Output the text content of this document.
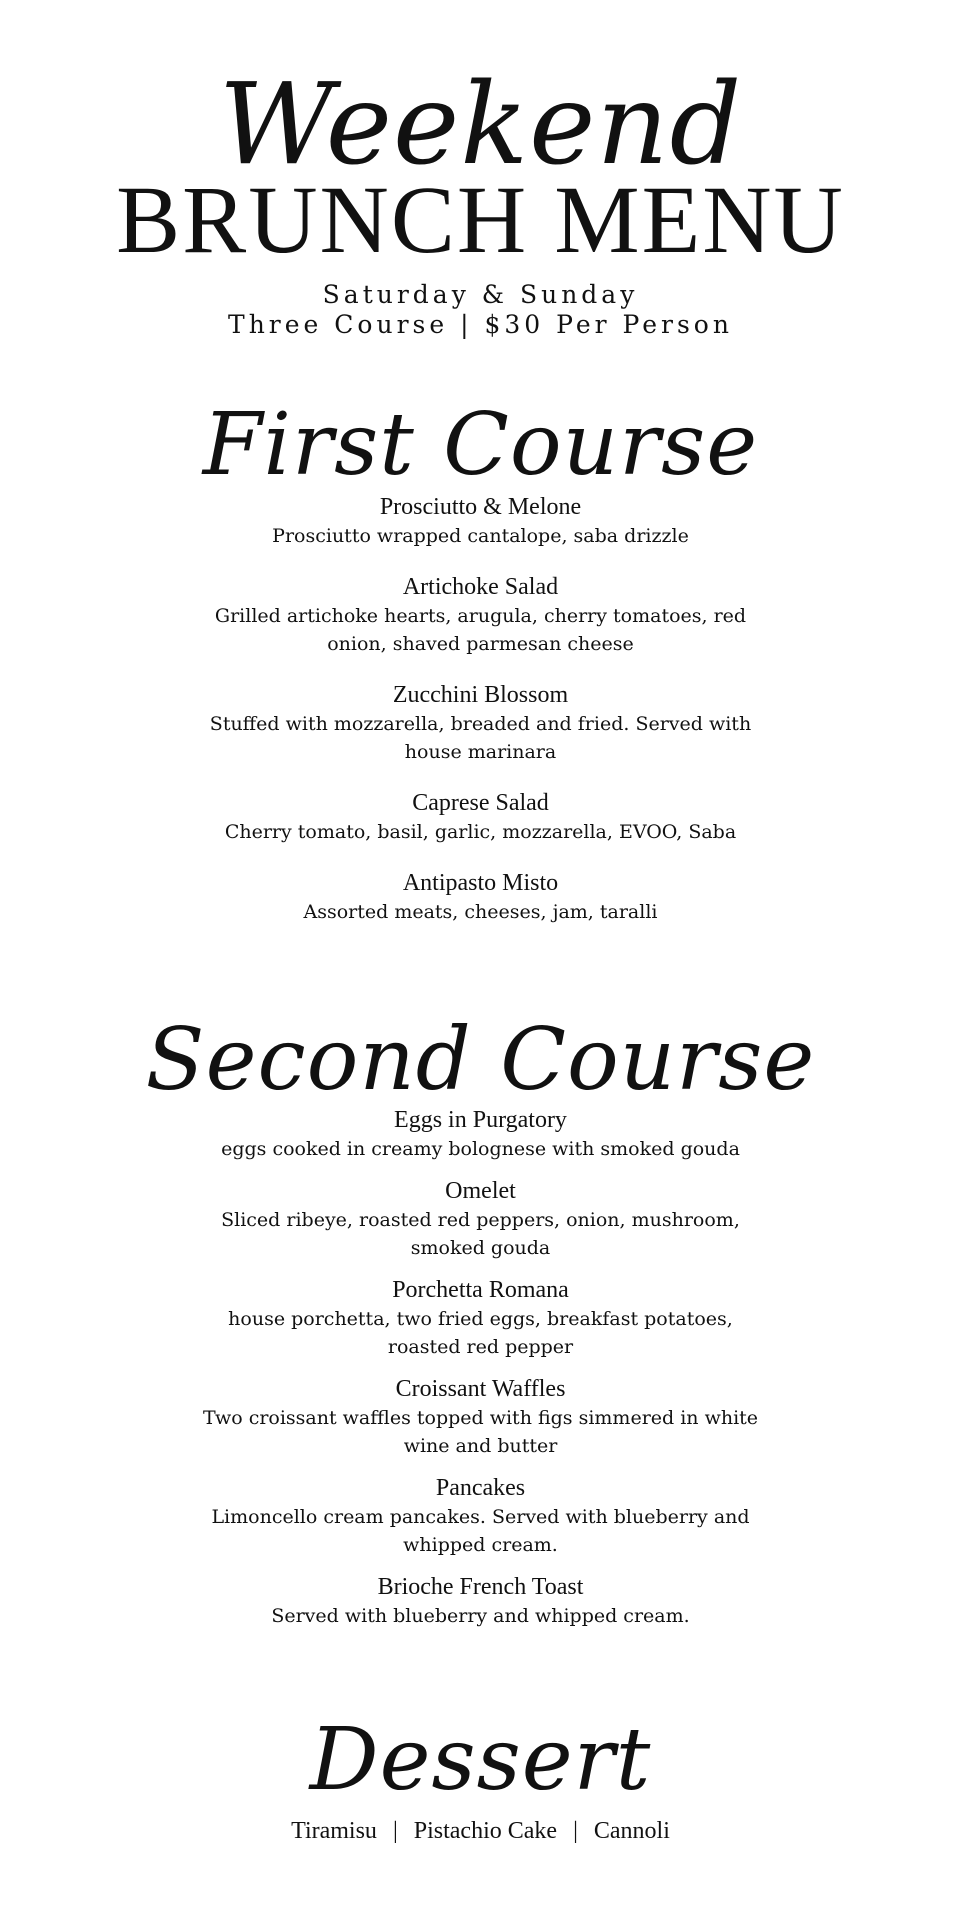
Weekend
BRUNCH MENU
Saturday & Sunday
Three Course | $30 Per Person
First Course
Prosciutto & Melone
Prosciutto wrapped cantalope, saba drizzle
Artichoke Salad
Grilled artichoke hearts, arugula, cherry tomatoes, red onion, shaved parmesan cheese
Zucchini Blossom
Stuffed with mozzarella, breaded and fried. Served with house marinara
Caprese Salad
Cherry tomato, basil, garlic, mozzarella, EVOO, Saba
Antipasto Misto
Assorted meats, cheeses, jam, taralli
Second Course
Eggs in Purgatory
eggs cooked in creamy bolognese with smoked gouda
Omelet
Sliced ribeye, roasted red peppers, onion, mushroom, smoked gouda
Porchetta Romana
house porchetta, two fried eggs, breakfast potatoes, roasted red pepper
Croissant Waffles
Two croissant waffles topped with figs simmered in white wine and butter
Pancakes
Limoncello cream pancakes. Served with blueberry and whipped cream.
Brioche French Toast
Served with blueberry and whipped cream.
Dessert
Tiramisu | Pistachio Cake | Cannoli
